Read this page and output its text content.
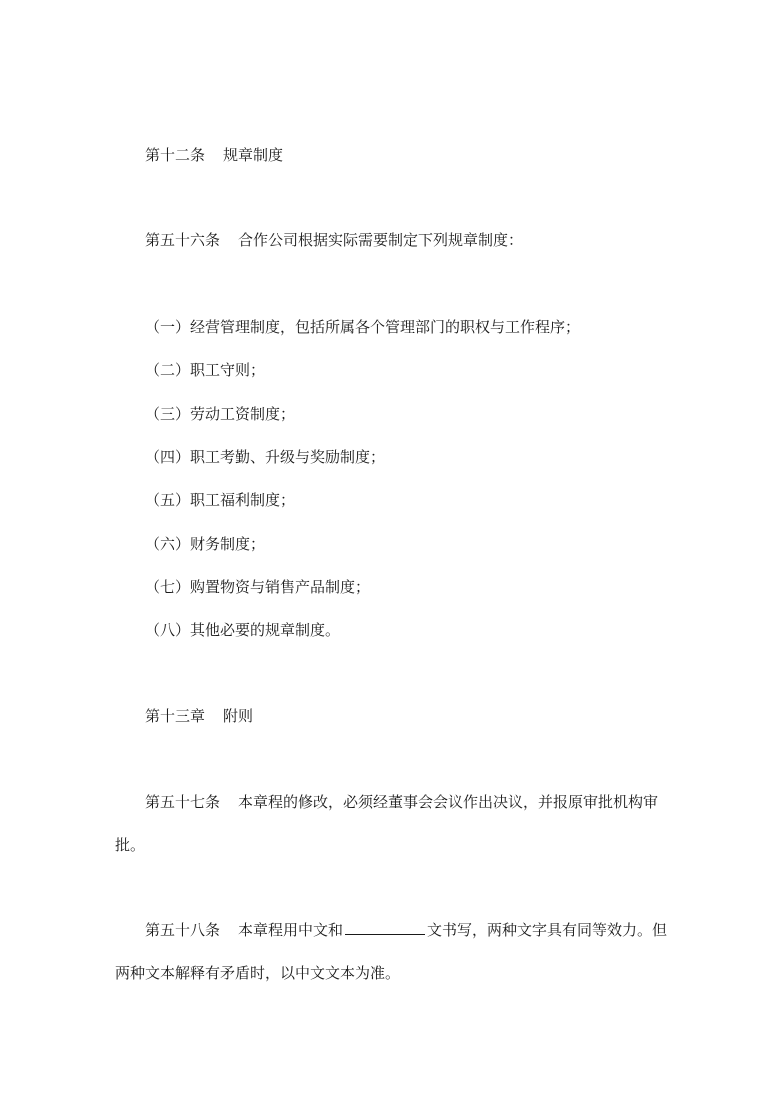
第十二条 规章制度
第五十六条 合作公司根据实际需要制定下列规章制度：
（一）经营管理制度，包括所属各个管理部门的职权与工作程序；
（二）职工守则；
（三）劳动工资制度；
（四）职工考勤、升级与奖励制度；
（五）职工福利制度；
（六）财务制度；
（七）购置物资与销售产品制度；
（八）其他必要的规章制度。
第十三章 附则
第五十七条 本章程的修改，必须经董事会会议作出决议，并报原审批机构审
批。
第五十八条 本章程用中文和	文书写，两种文字具有同等效力。但
两种文本解释有矛盾时，以中文文本为准。
